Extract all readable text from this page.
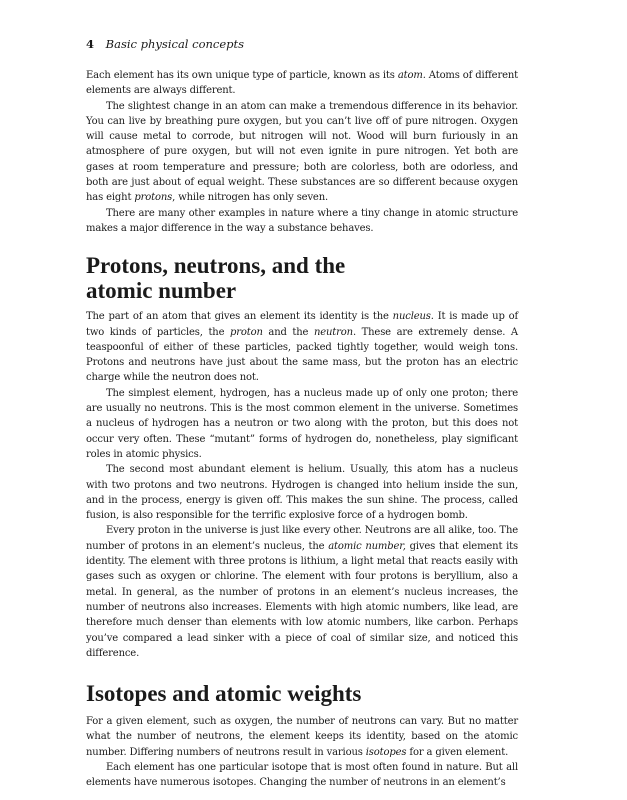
4 Basic physical concepts

Each element has its own unique type of particle, known as its atom. Atoms of different elements are always different.

The slightest change in an atom can make a tremendous difference in its behavior. You can live by breathing pure oxygen, but you can’t live off of pure nitrogen. Oxygen will cause metal to corrode, but nitrogen will not. Wood will burn furiously in an atmosphere of pure oxygen, but will not even ignite in pure nitrogen. Yet both are gases at room temperature and pressure; both are colorless, both are odorless, and both are just about of equal weight. These substances are so different because oxygen has eight protons, while nitrogen has only seven.

There are many other examples in nature where a tiny change in atomic structure makes a major difference in the way a substance behaves.

Protons, neutrons, and the
atomic number

The part of an atom that gives an element its identity is the nucleus. It is made up of two kinds of particles, the proton and the neutron. These are extremely dense. A teaspoonful of either of these particles, packed tightly together, would weigh tons. Protons and neutrons have just about the same mass, but the proton has an electric charge while the neutron does not.

The simplest element, hydrogen, has a nucleus made up of only one proton; there are usually no neutrons. This is the most common element in the universe. Sometimes a nucleus of hydrogen has a neutron or two along with the proton, but this does not occur very often. These “mutant” forms of hydrogen do, nonetheless, play significant roles in atomic physics.

The second most abundant element is helium. Usually, this atom has a nucleus with two protons and two neutrons. Hydrogen is changed into helium inside the sun, and in the process, energy is given off. This makes the sun shine. The process, called fusion, is also responsible for the terrific explosive force of a hydrogen bomb.

Every proton in the universe is just like every other. Neutrons are all alike, too. The number of protons in an element’s nucleus, the atomic number, gives that element its identity. The element with three protons is lithium, a light metal that reacts easily with gases such as oxygen or chlorine. The element with four protons is beryllium, also a metal. In general, as the number of protons in an element’s nucleus increases, the number of neutrons also increases. Elements with high atomic numbers, like lead, are therefore much denser than elements with low atomic numbers, like carbon. Perhaps you’ve compared a lead sinker with a piece of coal of similar size, and noticed this difference.

Isotopes and atomic weights

For a given element, such as oxygen, the number of neutrons can vary. But no matter what the number of neutrons, the element keeps its identity, based on the atomic number. Differing numbers of neutrons result in various isotopes for a given element.

Each element has one particular isotope that is most often found in nature. But all elements have numerous isotopes. Changing the number of neutrons in an element’s
